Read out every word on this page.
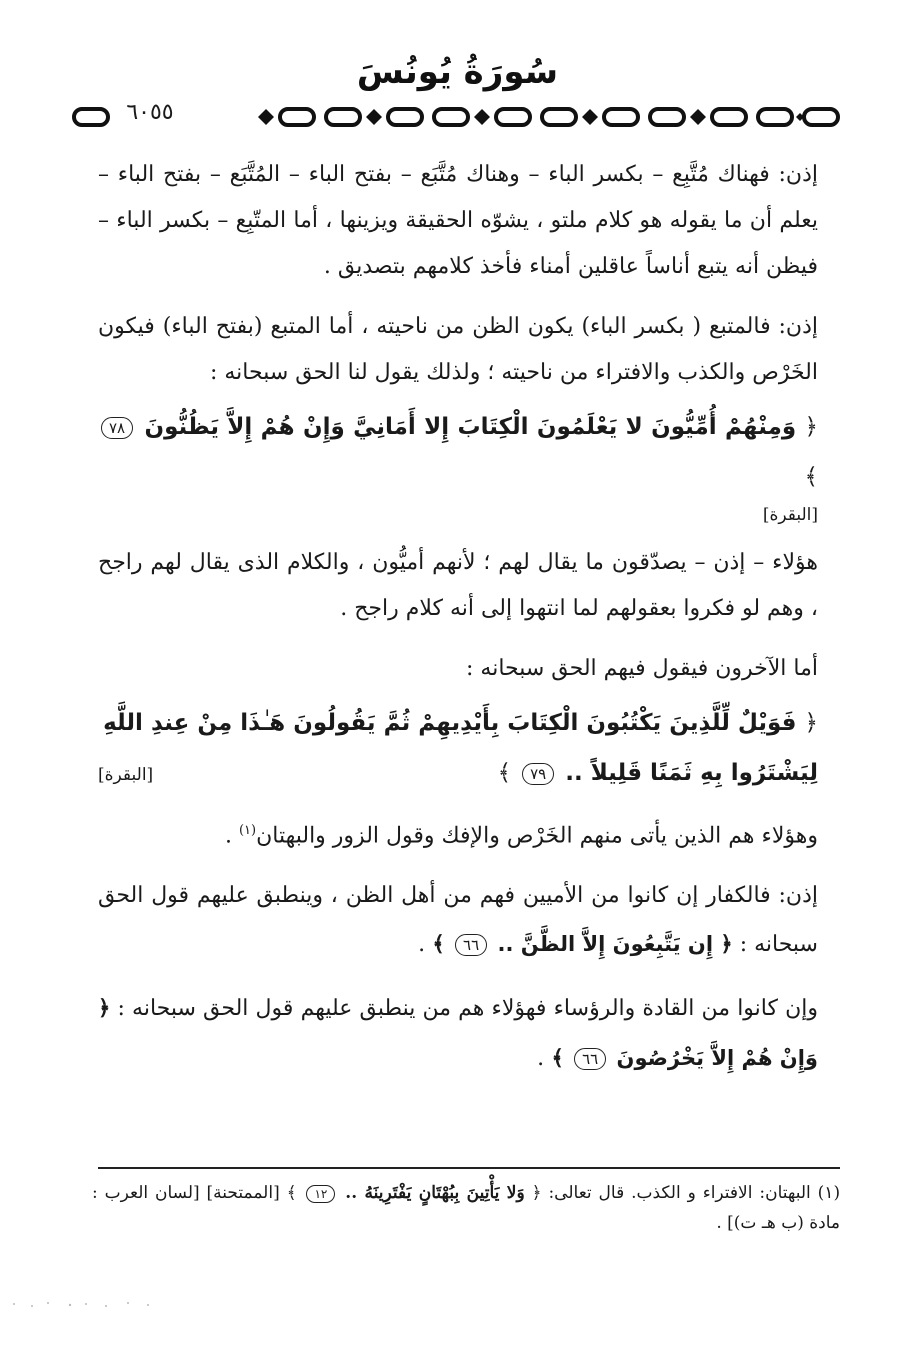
سُورَةُ يُونُسَ
٦٠٥٥

إذن: فهناك مُتَّبِع – بكسر الباء – وهناك مُتَّبَع – بفتح الباء – المُتَّبَع – بفتح الباء – يعلم أن ما يقوله هو كلام ملتو ، يشوّه الحقيقة ويزينها ، أما المتّبِع – بكسر الباء – فيظن أنه يتبع أناساً عاقلين أمناء فأخذ كلامهم بتصديق .

إذن: فالمتبع ( بكسر الباء) يكون الظن من ناحيته ، أما المتبع (بفتح الباء) فيكون الخَرْص والكذب والافتراء من ناحيته ؛ ولذلك يقول لنا الحق سبحانه :

﴿ وَمِنْهُمْ أُمِّيُّونَ لا يَعْلَمُونَ الْكِتَابَ إِلا أَمَانِيَّ وَإِنْ هُمْ إِلاَّ يَظُنُّونَ ٧٨ ﴾
[البقرة]

هؤلاء – إذن – يصدّقون ما يقال لهم ؛ لأنهم أميُّون ، والكلام الذى يقال لهم راجح ، وهم لو فكروا بعقولهم لما انتهوا إلى أنه كلام راجح .

أما الآخرون فيقول فيهم الحق سبحانه :

﴿ فَوَيْلٌ لِّلَّذِينَ يَكْتُبُونَ الْكِتَابَ بِأَيْدِيهِمْ ثُمَّ يَقُولُونَ هَـٰذَا مِنْ عِندِ اللَّهِ
لِيَشْتَرُوا بِهِ ثَمَنًا قَلِيلاً .. ٧٩ ﴾
[البقرة]

وهؤلاء هم الذين يأتى منهم الخَرْص والإفك وقول الزور والبهتان$^{(١)}$ .

إذن: فالكفار إن كانوا من الأميين فهم من أهل الظن ، وينطبق عليهم قول الحق سبحانه : ﴿ إِن يَتَّبِعُونَ إِلاَّ الظَّنَّ .. ٦٦ ﴾ .

وإن كانوا من القادة والرؤساء فهؤلاء هم من ينطبق عليهم قول الحق سبحانه : ﴿ وَإِنْ هُمْ إِلاَّ يَخْرُصُونَ ٦٦ ﴾ .

(١) البهتان: الافتراء و الكذب. قال تعالى: ﴿ وَلا يَأْتِينَ بِبُهْتَانٍ يَفْتَرِينَهُ .. ١٢ ﴾ [الممتحنة] [لسان العرب : مادة (ب هـ ت)] .
